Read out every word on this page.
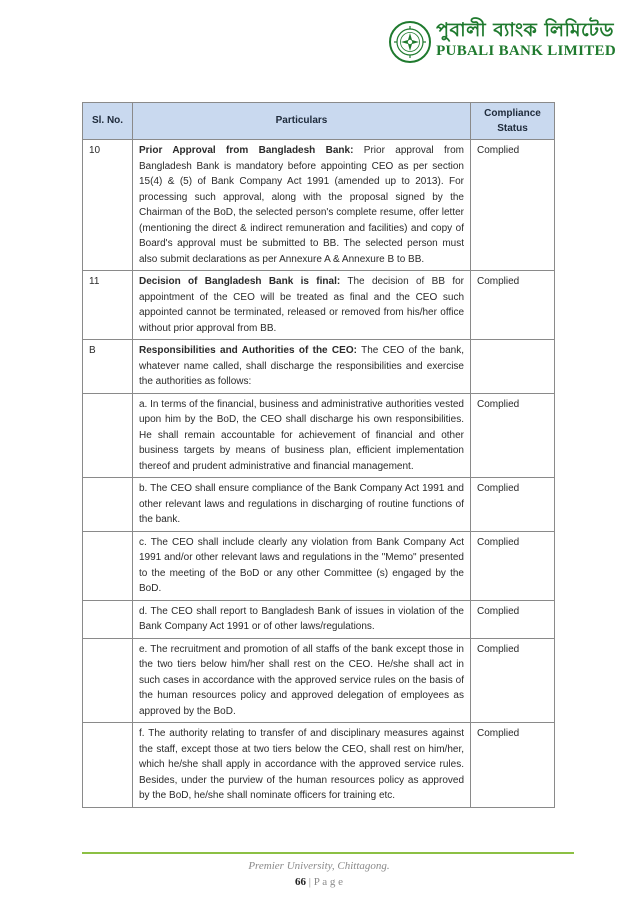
পুবালী ব্যাংক লিমিটেড
PUBALI BANK LIMITED
Sl. No.	Particulars	Compliance Status
10	Prior Approval from Bangladesh Bank: Prior approval from Bangladesh Bank is mandatory before appointing CEO as per section 15(4) & (5) of Bank Company Act 1991 (amended up to 2013). For processing such approval, along with the proposal signed by the Chairman of the BoD, the selected person's complete resume, offer letter (mentioning the direct & indirect remuneration and facilities) and copy of Board's approval must be submitted to BB. The selected person must also submit declarations as per Annexure A & Annexure B to BB.	Complied
11	Decision of Bangladesh Bank is final: The decision of BB for appointment of the CEO will be treated as final and the CEO such appointed cannot be terminated, released or removed from his/her office without prior approval from BB.	Complied
B	Responsibilities and Authorities of the CEO: The CEO of the bank, whatever name called, shall discharge the responsibilities and exercise the authorities as follows:	
	a. In terms of the financial, business and administrative authorities vested upon him by the BoD, the CEO shall discharge his own responsibilities. He shall remain accountable for achievement of financial and other business targets by means of business plan, efficient implementation thereof and prudent administrative and financial management.	Complied
	b. The CEO shall ensure compliance of the Bank Company Act 1991 and other relevant laws and regulations in discharging of routine functions of the bank.	Complied
	c. The CEO shall include clearly any violation from Bank Company Act 1991 and/or other relevant laws and regulations in the "Memo" presented to the meeting of the BoD or any other Committee (s) engaged by the BoD.	Complied
	d. The CEO shall report to Bangladesh Bank of issues in violation of the Bank Company Act 1991 or of other laws/regulations.	Complied
	e. The recruitment and promotion of all staffs of the bank except those in the two tiers below him/her shall rest on the CEO. He/she shall act in such cases in accordance with the approved service rules on the basis of the human resources policy and approved delegation of employees as approved by the BoD.	Complied
	f. The authority relating to transfer of and disciplinary measures against the staff, except those at two tiers below the CEO, shall rest on him/her, which he/she shall apply in accordance with the approved service rules. Besides, under the purview of the human resources policy as approved by the BoD, he/she shall nominate officers for training etc.	Complied
Premier University, Chittagong.
66 | P a g e
